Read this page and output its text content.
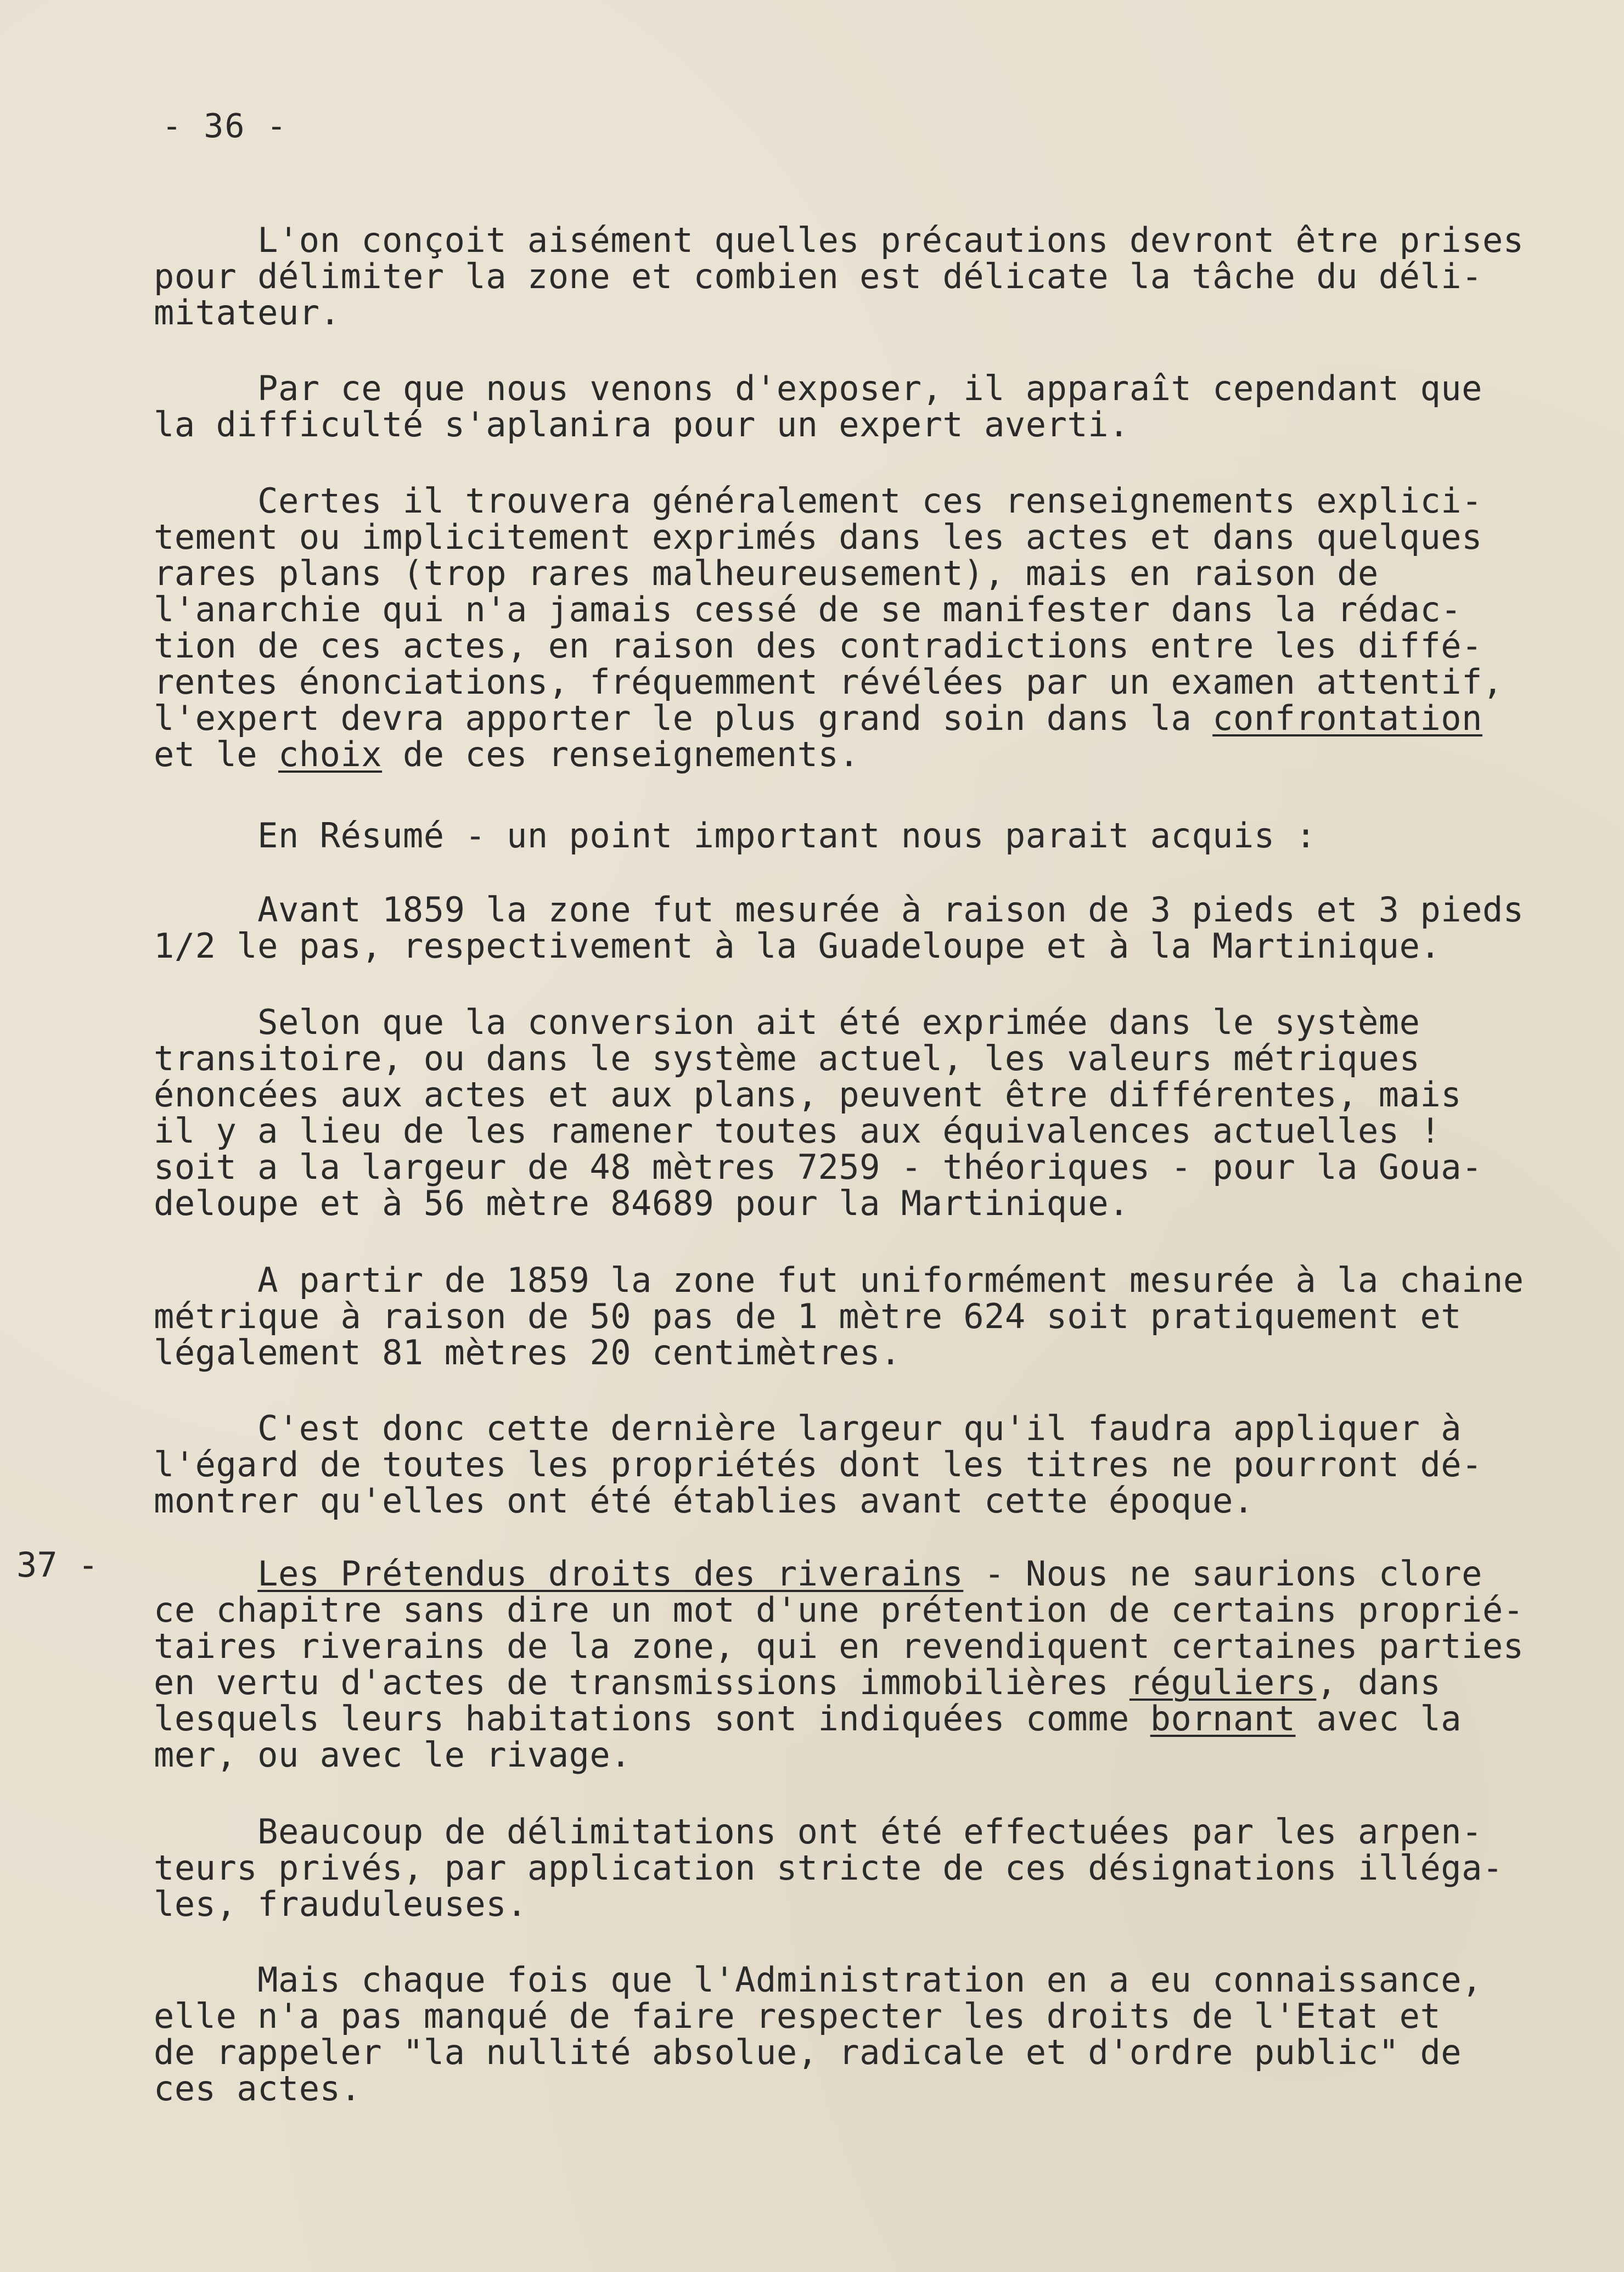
- 36 -
37 -
L'on conçoit aisément quelles précautions devront être prises
pour délimiter la zone et combien est délicate la tâche du déli-
mitateur.
Par ce que nous venons d'exposer, il apparaît cependant que
la difficulté s'aplanira pour un expert averti.
Certes il trouvera généralement ces renseignements explici-
tement ou implicitement exprimés dans les actes et dans quelques
rares plans (trop rares malheureusement), mais en raison de
l'anarchie qui n'a jamais cessé de se manifester dans la rédac-
tion de ces actes, en raison des contradictions entre les diffé-
rentes énonciations, fréquemment révélées par un examen attentif,
l'expert devra apporter le plus grand soin dans la confrontation
et le choix de ces renseignements.
En Résumé - un point important nous parait acquis :
Avant 1859 la zone fut mesurée à raison de 3 pieds et 3 pieds
1/2 le pas, respectivement à la Guadeloupe et à la Martinique.
Selon que la conversion ait été exprimée dans le système
transitoire, ou dans le système actuel, les valeurs métriques
énoncées aux actes et aux plans, peuvent être différentes, mais
il y a lieu de les ramener toutes aux équivalences actuelles !
soit a la largeur de 48 mètres 7259 - théoriques - pour la Goua-
deloupe et à 56 mètre 84689 pour la Martinique.
A partir de 1859 la zone fut uniformément mesurée à la chaine
métrique à raison de 50 pas de 1 mètre 624 soit pratiquement et
légalement 81 mètres 20 centimètres.
C'est donc cette dernière largeur qu'il faudra appliquer à
l'égard de toutes les propriétés dont les titres ne pourront dé-
montrer qu'elles ont été établies avant cette époque.
Les Prétendus droits des riverains - Nous ne saurions clore
ce chapitre sans dire un mot d'une prétention de certains proprié-
taires riverains de la zone, qui en revendiquent certaines parties
en vertu d'actes de transmissions immobilières réguliers, dans
lesquels leurs habitations sont indiquées comme bornant avec la
mer, ou avec le rivage.
Beaucoup de délimitations ont été effectuées par les arpen-
teurs privés, par application stricte de ces désignations illéga-
les, frauduleuses.
Mais chaque fois que l'Administration en a eu connaissance,
elle n'a pas manqué de faire respecter les droits de l'Etat et
de rappeler "la nullité absolue, radicale et d'ordre public" de
ces actes.
